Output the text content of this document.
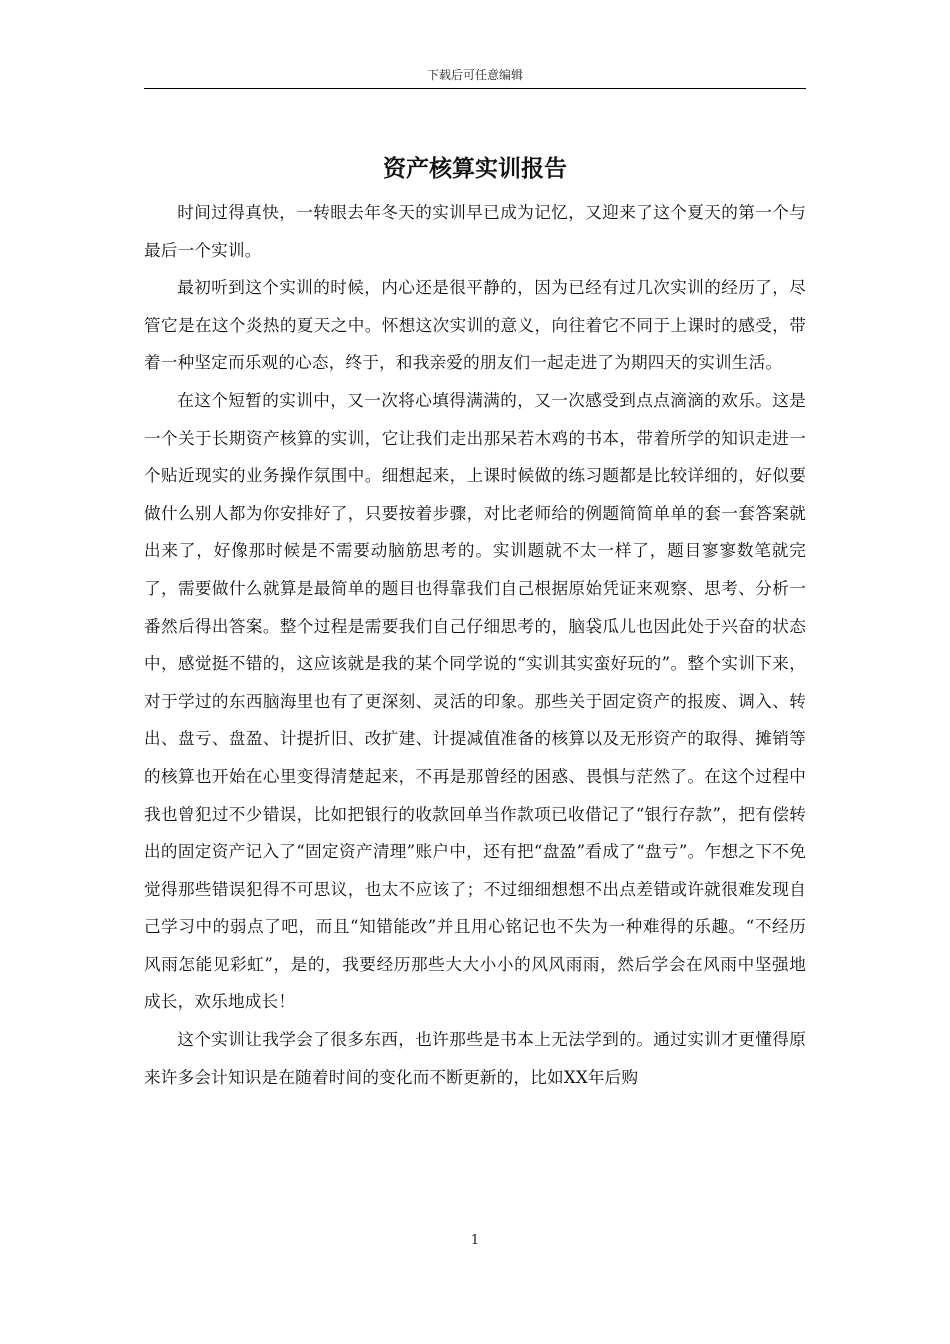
下载后可任意编辑
资产核算实训报告

时间过得真快，一转眼去年冬天的实训早已成为记忆，又迎来了这个夏天的第一个与最后一个实训。

最初听到这个实训的时候，内心还是很平静的，因为已经有过几次实训的经历了，尽管它是在这个炎热的夏天之中。怀想这次实训的意义，向往着它不同于上课时的感受，带着一种坚定而乐观的心态，终于，和我亲爱的朋友们一起走进了为期四天的实训生活。

在这个短暂的实训中，又一次将心填得满满的，又一次感受到点点滴滴的欢乐。这是一个关于长期资产核算的实训，它让我们走出那呆若木鸡的书本，带着所学的知识走进一个贴近现实的业务操作氛围中。细想起来，上课时候做的练习题都是比较详细的，好似要做什么别人都为你安排好了，只要按着步骤，对比老师给的例题简简单单的套一套答案就出来了，好像那时候是不需要动脑筋思考的。实训题就不太一样了，题目寥寥数笔就完了，需要做什么就算是最简单的题目也得靠我们自己根据原始凭证来观察、思考、分析一番然后得出答案。整个过程是需要我们自己仔细思考的，脑袋瓜儿也因此处于兴奋的状态中，感觉挺不错的，这应该就是我的某个同学说的“实训其实蛮好玩的”。整个实训下来，对于学过的东西脑海里也有了更深刻、灵活的印象。那些关于固定资产的报废、调入、转出、盘亏、盘盈、计提折旧、改扩建、计提减值准备的核算以及无形资产的取得、摊销等的核算也开始在心里变得清楚起来，不再是那曾经的困惑、畏惧与茫然了。在这个过程中我也曾犯过不少错误，比如把银行的收款回单当作款项已收借记了“银行存款”，把有偿转出的固定资产记入了“固定资产清理”账户中，还有把“盘盈”看成了“盘亏”。乍想之下不免觉得那些错误犯得不可思议，也太不应该了；不过细细想想不出点差错或许就很难发现自己学习中的弱点了吧，而且“知错能改”并且用心铭记也不失为一种难得的乐趣。“不经历风雨怎能见彩虹”，是的，我要经历那些大大小小的风风雨雨，然后学会在风雨中坚强地成长，欢乐地成长！

这个实训让我学会了很多东西，也许那些是书本上无法学到的。通过实训才更懂得原来许多会计知识是在随着时间的变化而不断更新的，比如XX年后购

1
